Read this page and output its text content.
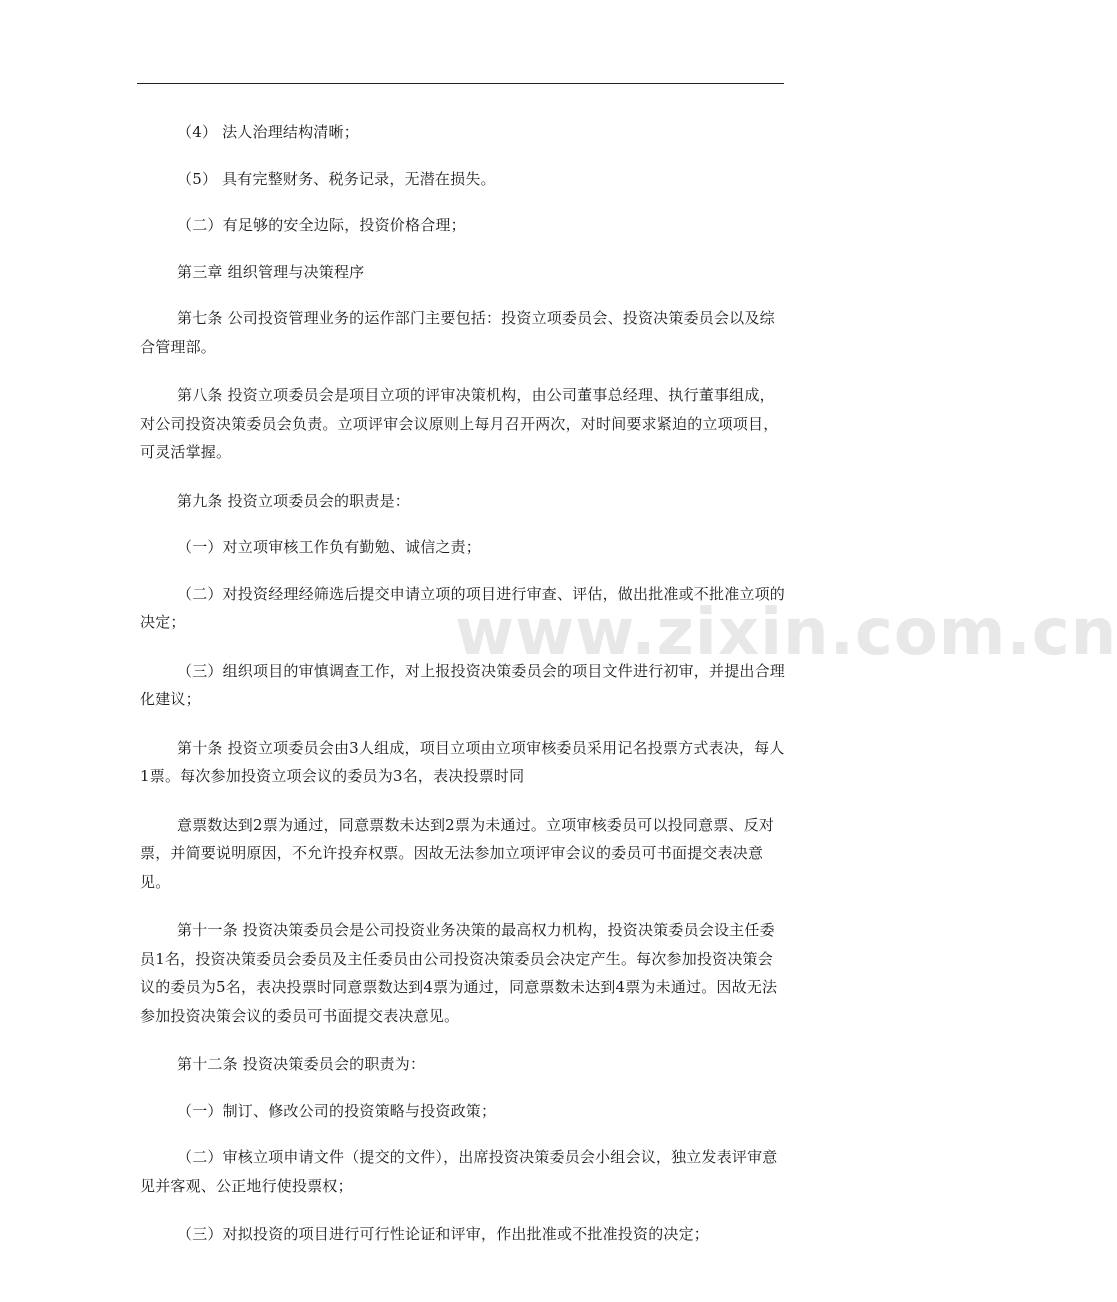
（4） 法人治理结构清晰；

（5） 具有完整财务、税务记录，无潜在损失。

（二）有足够的安全边际，投资价格合理；

第三章 组织管理与决策程序

第七条 公司投资管理业务的运作部门主要包括：投资立项委员会、投资决策委员会以及综合管理部。

第八条 投资立项委员会是项目立项的评审决策机构，由公司董事总经理、执行董事组成，对公司投资决策委员会负责。立项评审会议原则上每月召开两次，对时间要求紧迫的立项项目，可灵活掌握。

第九条 投资立项委员会的职责是：

（一）对立项审核工作负有勤勉、诚信之责；

（二）对投资经理经筛选后提交申请立项的项目进行审查、评估，做出批准或不批准立项的决定；

（三）组织项目的审慎调查工作，对上报投资决策委员会的项目文件进行初审，并提出合理化建议；

第十条 投资立项委员会由3人组成，项目立项由立项审核委员采用记名投票方式表决，每人1票。每次参加投资立项会议的委员为3名，表决投票时同

意票数达到2票为通过，同意票数未达到2票为未通过。立项审核委员可以投同意票、反对票，并简要说明原因，不允许投弃权票。因故无法参加立项评审会议的委员可书面提交表决意见。

第十一条 投资决策委员会是公司投资业务决策的最高权力机构，投资决策委员会设主任委员1名，投资决策委员会委员及主任委员由公司投资决策委员会决定产生。每次参加投资决策会议的委员为5名，表决投票时同意票数达到4票为通过，同意票数未达到4票为未通过。因故无法参加投资决策会议的委员可书面提交表决意见。

第十二条 投资决策委员会的职责为：

（一）制订、修改公司的投资策略与投资政策；

（二）审核立项申请文件（提交的文件），出席投资决策委员会小组会议，独立发表评审意见并客观、公正地行使投票权；

（三）对拟投资的项目进行可行性论证和评审，作出批准或不批准投资的决定；

www.zixin.com.cn
